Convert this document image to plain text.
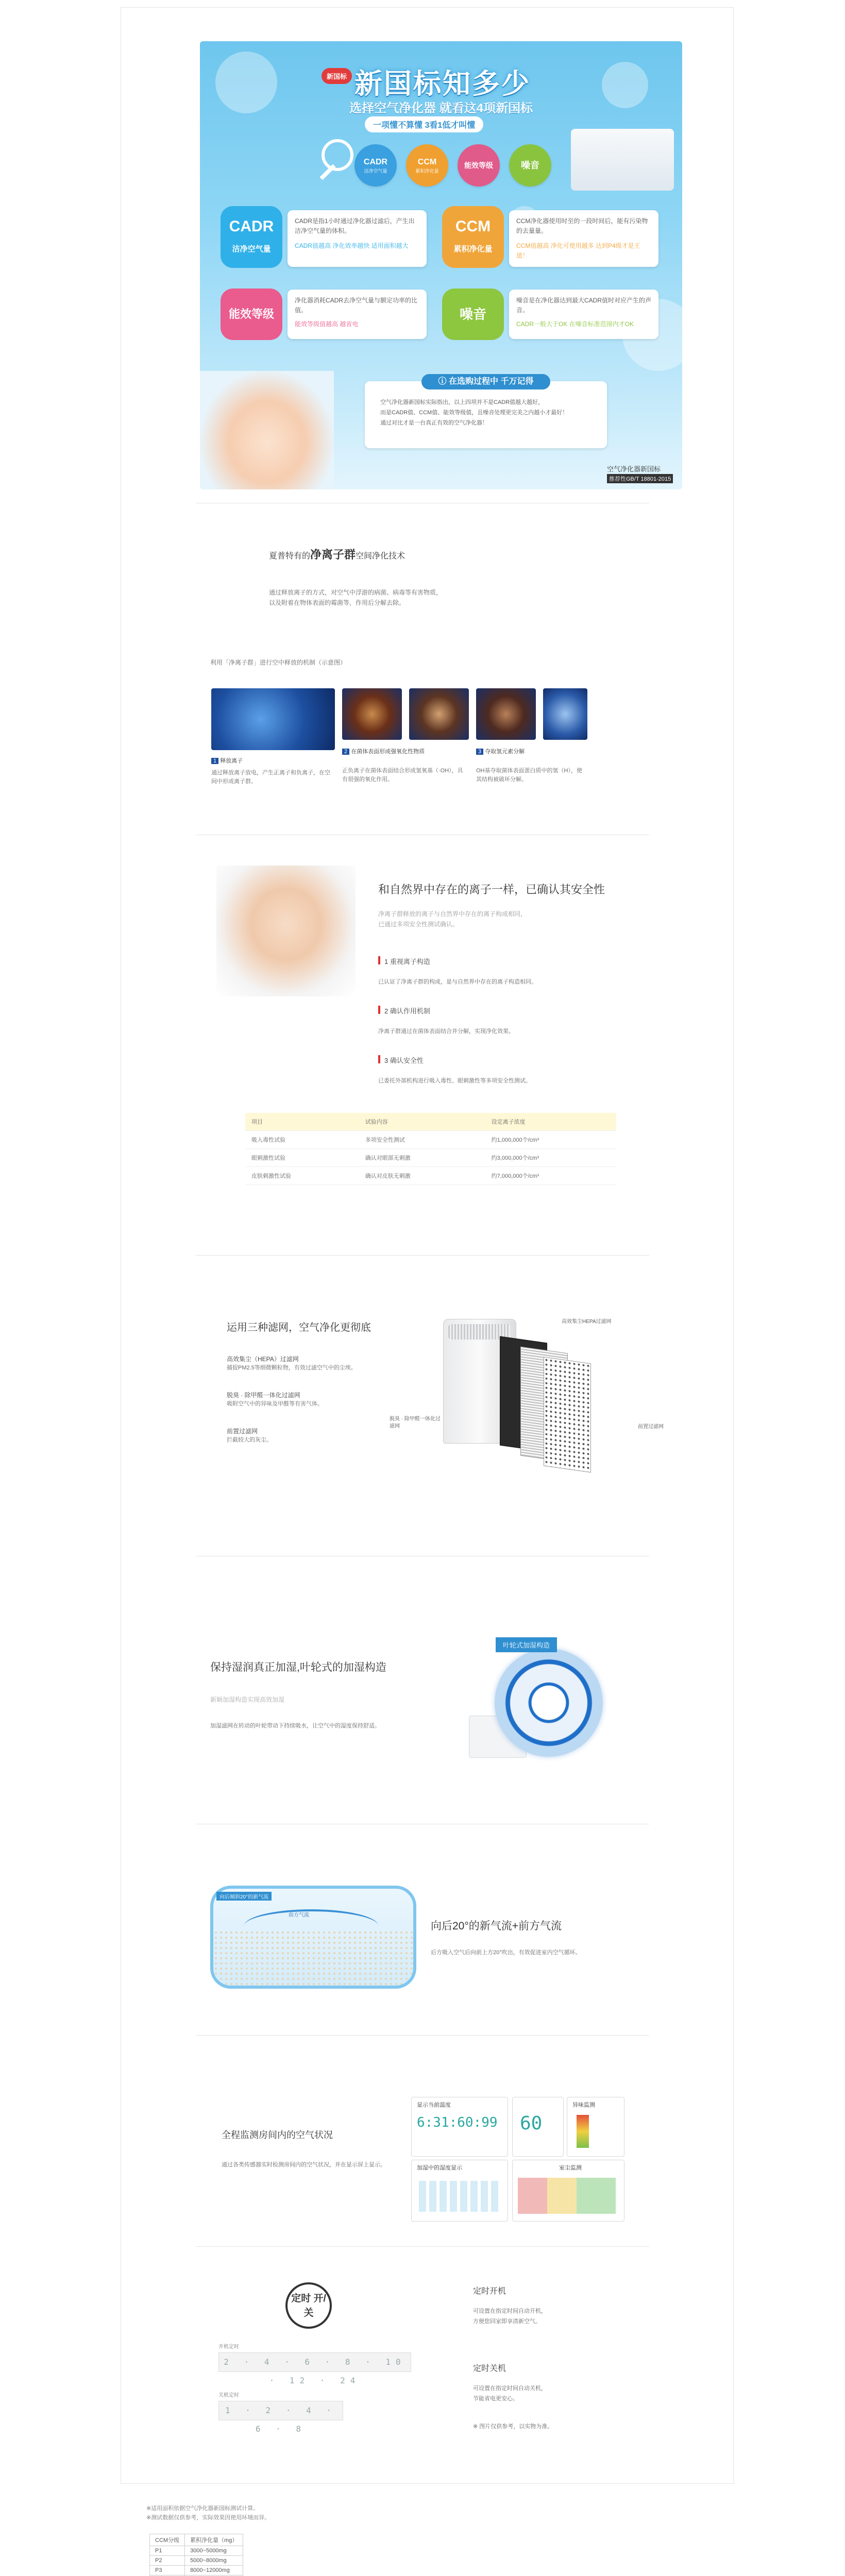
新国标 新国标知多少
选择空气净化器 就看这4项新国标
一项懂不算懂 3看1低才叫懂
CADR
洁净空气量
CCM
累积净化量
能效等级	噪音
CADR
洁净空气量
CADR是指1小时通过净化器过滤后，产生出洁净空气量的体积。
CADR值越高 净化效率越快 适用面积越大
CCM
累积净化量
CCM净化器使用时至的一段时间后，能有污染物的去量量。
CCM值越高 净化可使用越多 达到P4级才是王道！
能效等级
净化器消耗CADR去净空气量与额定功率的比值。
能效等级值越高 越省电
噪音
噪音是在净化器达到最大CADR值时对应产生的声音。
CADR一般大于OK 在噪音标准范围内才OK
ⓘ 在选购过程中 千万记得
空气净化器新国标实际指出，以上四项并不是CADR值越大越好，
而是CADR值、CCM值、能效等级值，且噪音处理更完美之内越小才最好！
通过对比才是一台真正有效的空气净化器！
空气净化器新国标
推荐性GB/T 18801-2015
夏普特有的净离子群空间净化技术
通过释放离子的方式，对空气中浮游的病菌、病毒等有害物质，
以及附着在物体表面的霉菌等，作用后分解去除。
利用「净离子群」进行空中释放的机制（示意图）
1 释放离子
2 在菌体表面形成强氧化性物质	3 夺取氢元素分解
通过释放离子放电，产生正离子和负离子，在空间中形成离子群。
正负离子在菌体表面结合形成氢氧基（·OH），具有很强的氧化作用。
OH基夺取菌体表面蛋白质中的氢（H），使其结构被破坏分解。
和自然界中存在的离子一样，已确认其安全性
净离子群释放的离子与自然界中存在的离子构成相同，
已通过多项安全性测试确认。
1 重视离子构造
已认证了净离子群的构成，是与自然界中存在的离子构造相同。
2 确认作用机制
净离子群通过在菌体表面结合并分解，实现净化效果。
3 确认安全性
已委托外部机构进行吸入毒性、眼刺激性等多项安全性测试。
项目	试验内容	设定离子浓度
吸入毒性试验	多项安全性测试	约1,000,000个/cm³
眼刺激性试验	确认对眼部无刺激	约3,000,000个/cm³
皮肤刺激性试验	确认对皮肤无刺激	约7,000,000个/cm³
运用三种滤网，空气净化更彻底
高效集尘（HEPA）过滤网
捕捉PM2.5等细微颗粒物，有效过滤空气中的尘埃。
脱臭 · 除甲醛一体化过滤网
吸附空气中的异味及甲醛等有害气体。
前置过滤网
拦截较大的灰尘。
高效集尘HEPA过滤网
脱臭 · 除甲醛一体化过滤网	前置过滤网
保持湿润真正加湿,叶轮式的加湿构造
新颖加湿构造实现高效加湿
加湿滤网在转动的叶轮带动下持续吸水，让空气中的湿度保持舒适。
叶轮式加湿构造
向后倾斜20°的新气流
前方气流
向后20°的新气流+前方气流
后方吸入空气后向前上方20°吹出，有效促进室内空气循环。
全程监测房间内的空气状况
通过各类传感器实时检测房间内的空气状况，并在显示屏上显示。
显示当前温度
6:31:60:99 60
异味监测
加湿中的湿度显示	室尘监测
定时 开/关
开机定时
2 · 4 · 6 · 8 · 10 · 12 · 24
关机定时
1 · 2 · 4 · 6 · 8
定时开机
可设置在指定时间自动开机，
方便您回家即享清新空气。
定时关机
可设置在指定时间自动关机，
节能省电更安心。
※ 图片仅供参考，以实物为准。
※适用面积依据空气净化器新国标测试计算。
※测试数据仅供参考，实际效果因使用环境而异。
CCM分级	累积净化量（mg）
P1	3000~5000mg
P2	5000~8000mg
P3	8000~12000mg
